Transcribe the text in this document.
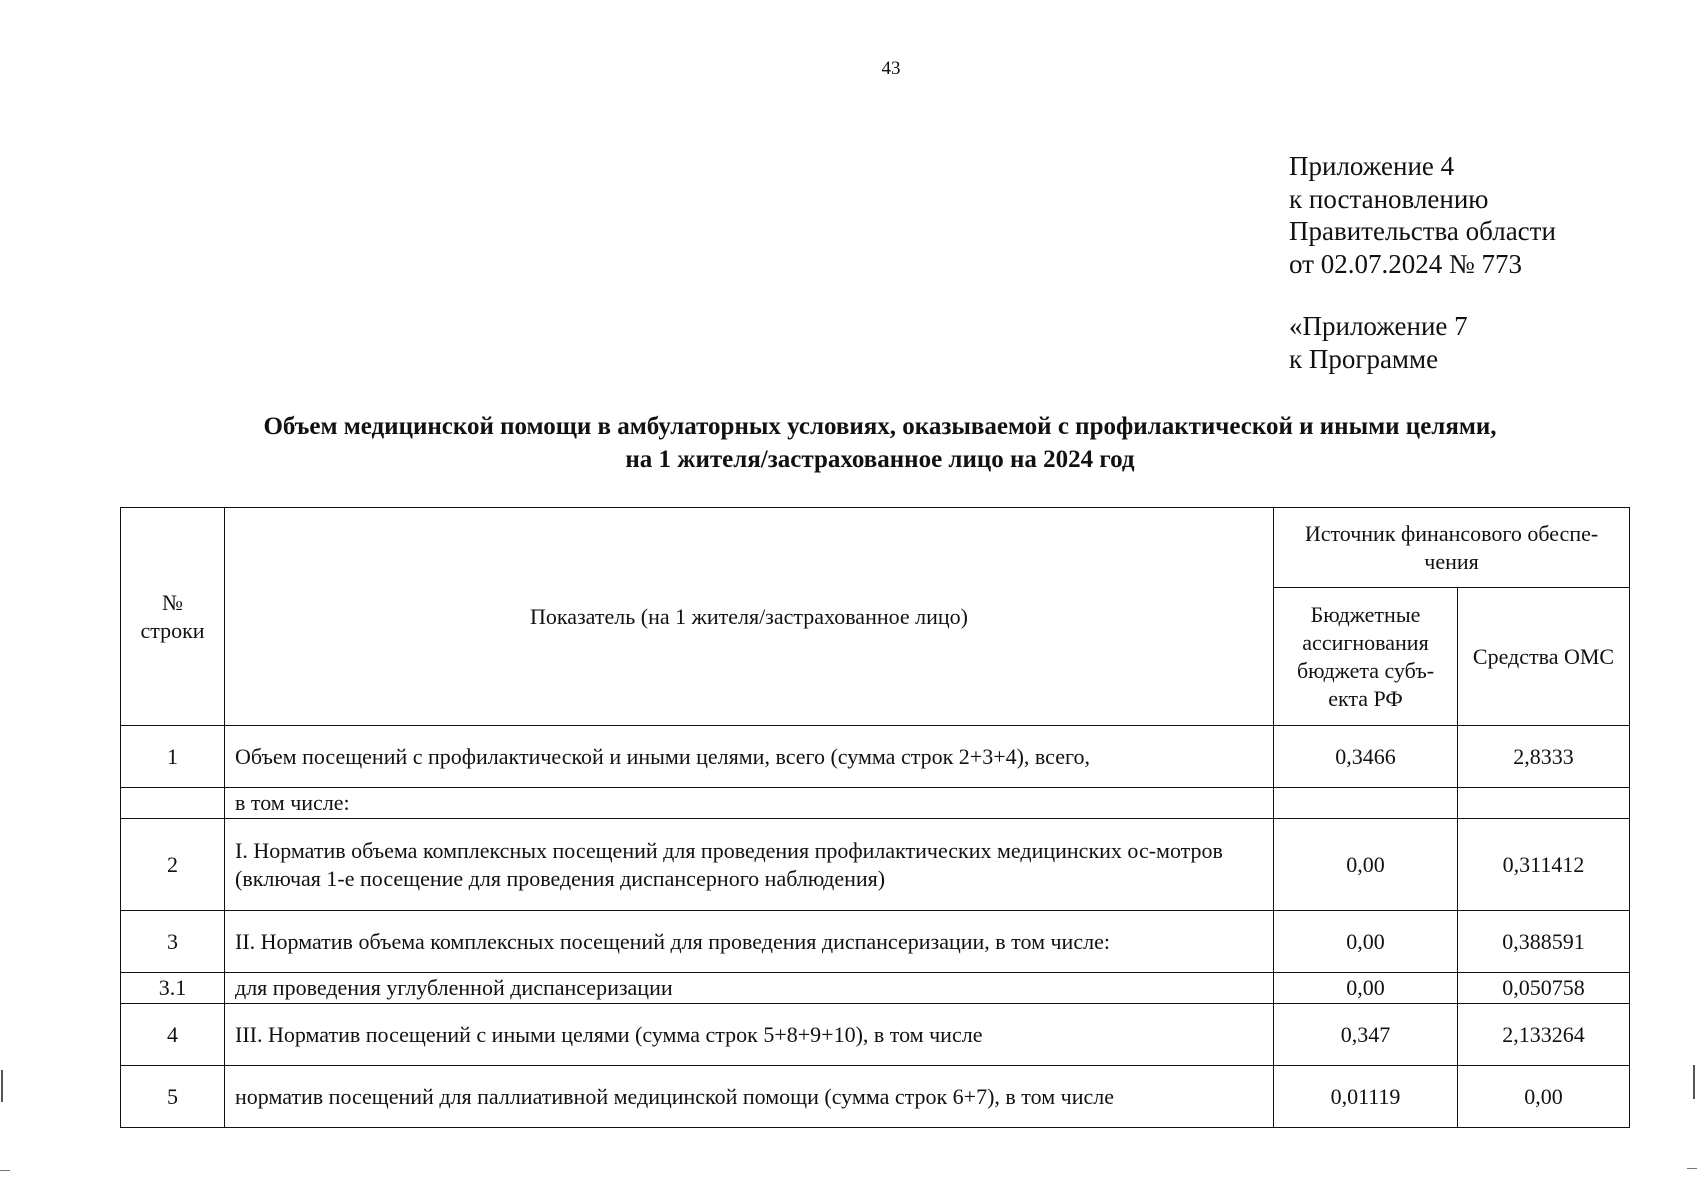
43
Приложение 4
к постановлению
Правительства области
от 02.07.2024 № 773
«Приложение 7
к Программе
Объем медицинской помощи в амбулаторных условиях, оказываемой с профилактической и иными целями,
на 1 жителя/застрахованное лицо на 2024 год
№ строки	Показатель (на 1 жителя/застрахованное лицо)	Источник финансового обеспе-чения	
		Бюджетные ассигнования бюджета субъ-екта РФ	Средства ОМС
1	Объем посещений с профилактической и иными целями, всего (сумма строк 2+3+4), всего,	0,3466	2,8333
	в том числе:		
2	I. Норматив объема комплексных посещений для проведения профилактических медицинских ос-мотров (включая 1-е посещение для проведения диспансерного наблюдения)	0,00	0,311412
3	II. Норматив объема комплексных посещений для проведения диспансеризации, в том числе:	0,00	0,388591
3.1	для проведения углубленной диспансеризации	0,00	0,050758
4	III. Норматив посещений с иными целями (сумма строк 5+8+9+10), в том числе	0,347	2,133264
5	норматив посещений для паллиативной медицинской помощи (сумма строк 6+7), в том числе	0,01119	0,00
